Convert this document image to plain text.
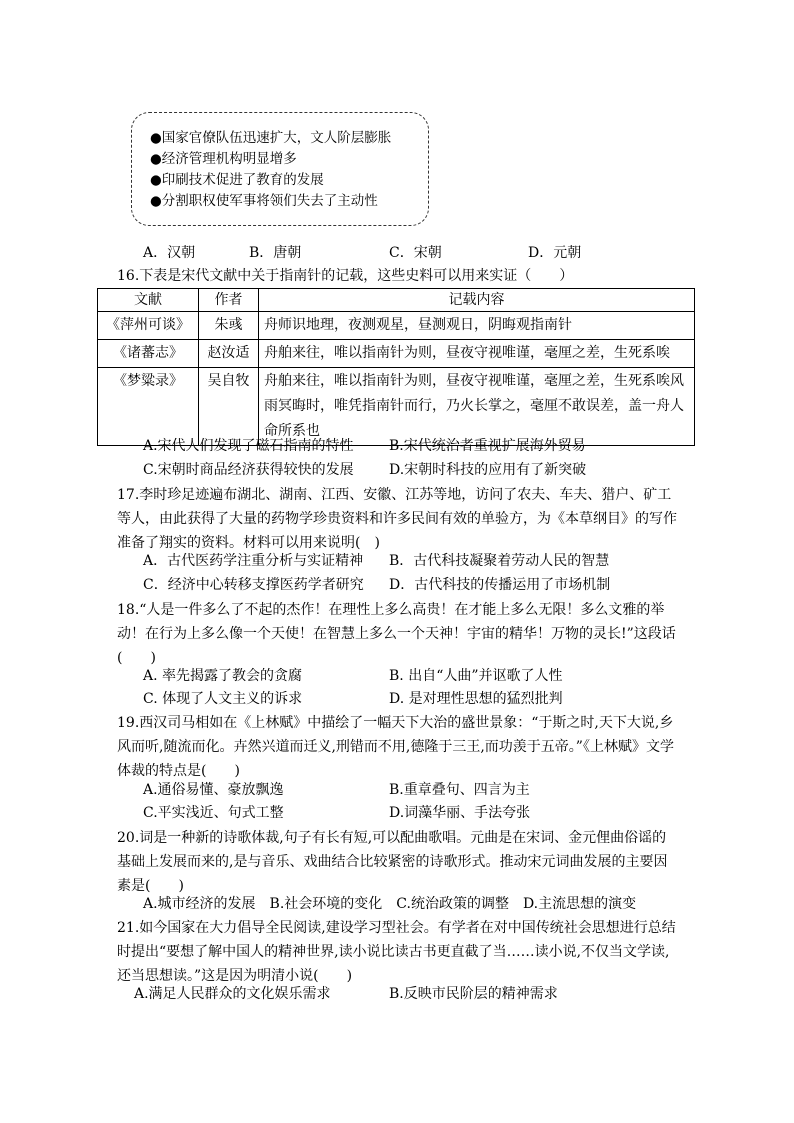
●国家官僚队伍迅速扩大，文人阶层膨胀
●经济管理机构明显增多
●印刷技术促进了教育的发展
●分割职权使军事将领们失去了主动性
A．汉朝	B．唐朝	C．宋朝	D．元朝
16.下表是宋代文献中关于指南针的记载，这些史料可以用来实证（　　）
文献	作者	记载内容
《萍州可谈》	朱彧	舟师识地理，夜测观星，昼测观日，阴晦观指南针
《诸蕃志》	赵汝适	舟舶来往，唯以指南针为则，昼夜守视唯谨，毫厘之差，生死系唉
《梦粱录》	吴自牧	舟舶来往，唯以指南针为则，昼夜守视唯谨，毫厘之差，生死系唉风雨冥晦时，唯凭指南针而行，乃火长掌之，毫厘不敢误差，盖一舟人命所系也
A.宋代人们发现了磁石指南的特性	B.宋代统治者重视扩展海外贸易
C.宋朝时商品经济获得较快的发展	D.宋朝时科技的应用有了新突破
17.李时珍足迹遍布湖北、湖南、江西、安徽、江苏等地，访问了农夫、车夫、猎户、矿工等人，由此获得了大量的药物学珍贵资料和许多民间有效的单验方，为《本草纲目》的写作准备了翔实的资料。材料可以用来说明(　)
A．古代医药学注重分析与实证精神 B．古代科技凝聚着劳动人民的智慧
C．经济中心转移支撑医药学者研究 D．古代科技的传播运用了市场机制
18.“人是一件多么了不起的杰作！在理性上多么高贵！在才能上多么无限！多么文雅的举动！在行为上多么像一个天使！在智慧上多么一个天神！宇宙的精华！万物的灵长!”这段话(　　)
A. 率先揭露了教会的贪腐	B. 出自“人曲”并讴歌了人性
C. 体现了人文主义的诉求	D. 是对理性思想的猛烈批判
19.西汉司马相如在《上林赋》中描绘了一幅天下大治的盛世景象：“于斯之时,天下大说,乡风而听,随流而化。卉然兴道而迁义,刑错而不用,德隆于三王,而功羡于五帝。”《上林赋》文学体裁的特点是(　　)
A.通俗易懂、豪放飘逸	B.重章叠句、四言为主
C.平实浅近、句式工整	D.词藻华丽、手法夸张
20.词是一种新的诗歌体裁,句子有长有短,可以配曲歌唱。元曲是在宋词、金元俚曲俗谣的基础上发展而来的,是与音乐、戏曲结合比较紧密的诗歌形式。推动宋元词曲发展的主要因素是(　　)
A.城市经济的发展　B.社会环境的变化　C.统治政策的调整　D.主流思想的演变
21.如今国家在大力倡导全民阅读,建设学习型社会。有学者在对中国传统社会思想进行总结时提出“要想了解中国人的精神世界,读小说比读古书更直截了当……读小说,不仅当文学读,还当思想读。”这是因为明清小说(　　)
A.满足人民群众的文化娱乐需求	B.反映市民阶层的精神需求
